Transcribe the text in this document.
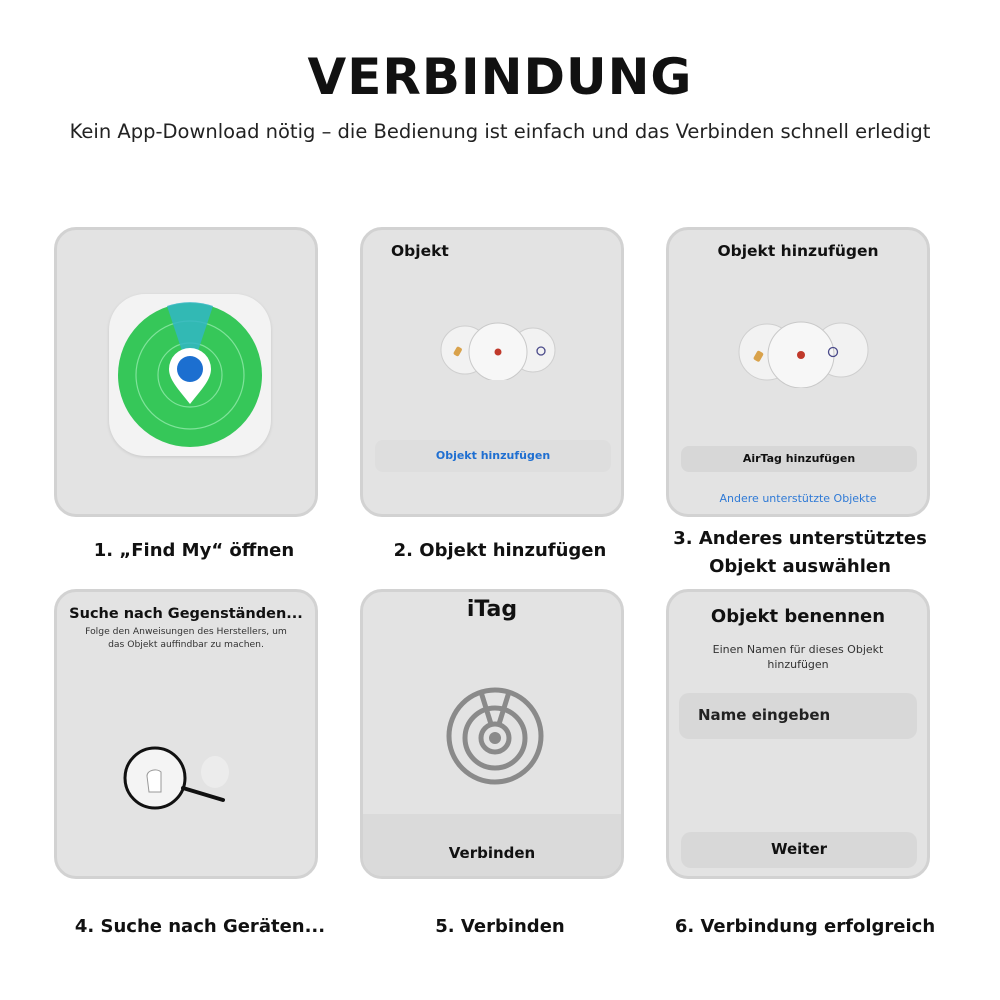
VERBINDUNG
Kein App-Download nötig – die Bedienung ist einfach und das Verbinden schnell erledigt
Objekt
Objekt hinzufügen
Objekt hinzufügen
AirTag hinzufügen
Andere unterstützte Objekte
Suche nach Gegenständen...
Folge den Anweisungen des Herstellers, um
das Objekt auffindbar zu machen.
iTag
Verbinden
Objekt benennen
Einen Namen für dieses Objekt
hinzufügen
Name eingeben
Weiter
1. „Find My“ öffnen	2. Objekt hinzufügen
3. Anderes unterstütztes
Objekt auswählen
4. Suche nach Geräten...	5. Verbinden	6. Verbindung erfolgreich
